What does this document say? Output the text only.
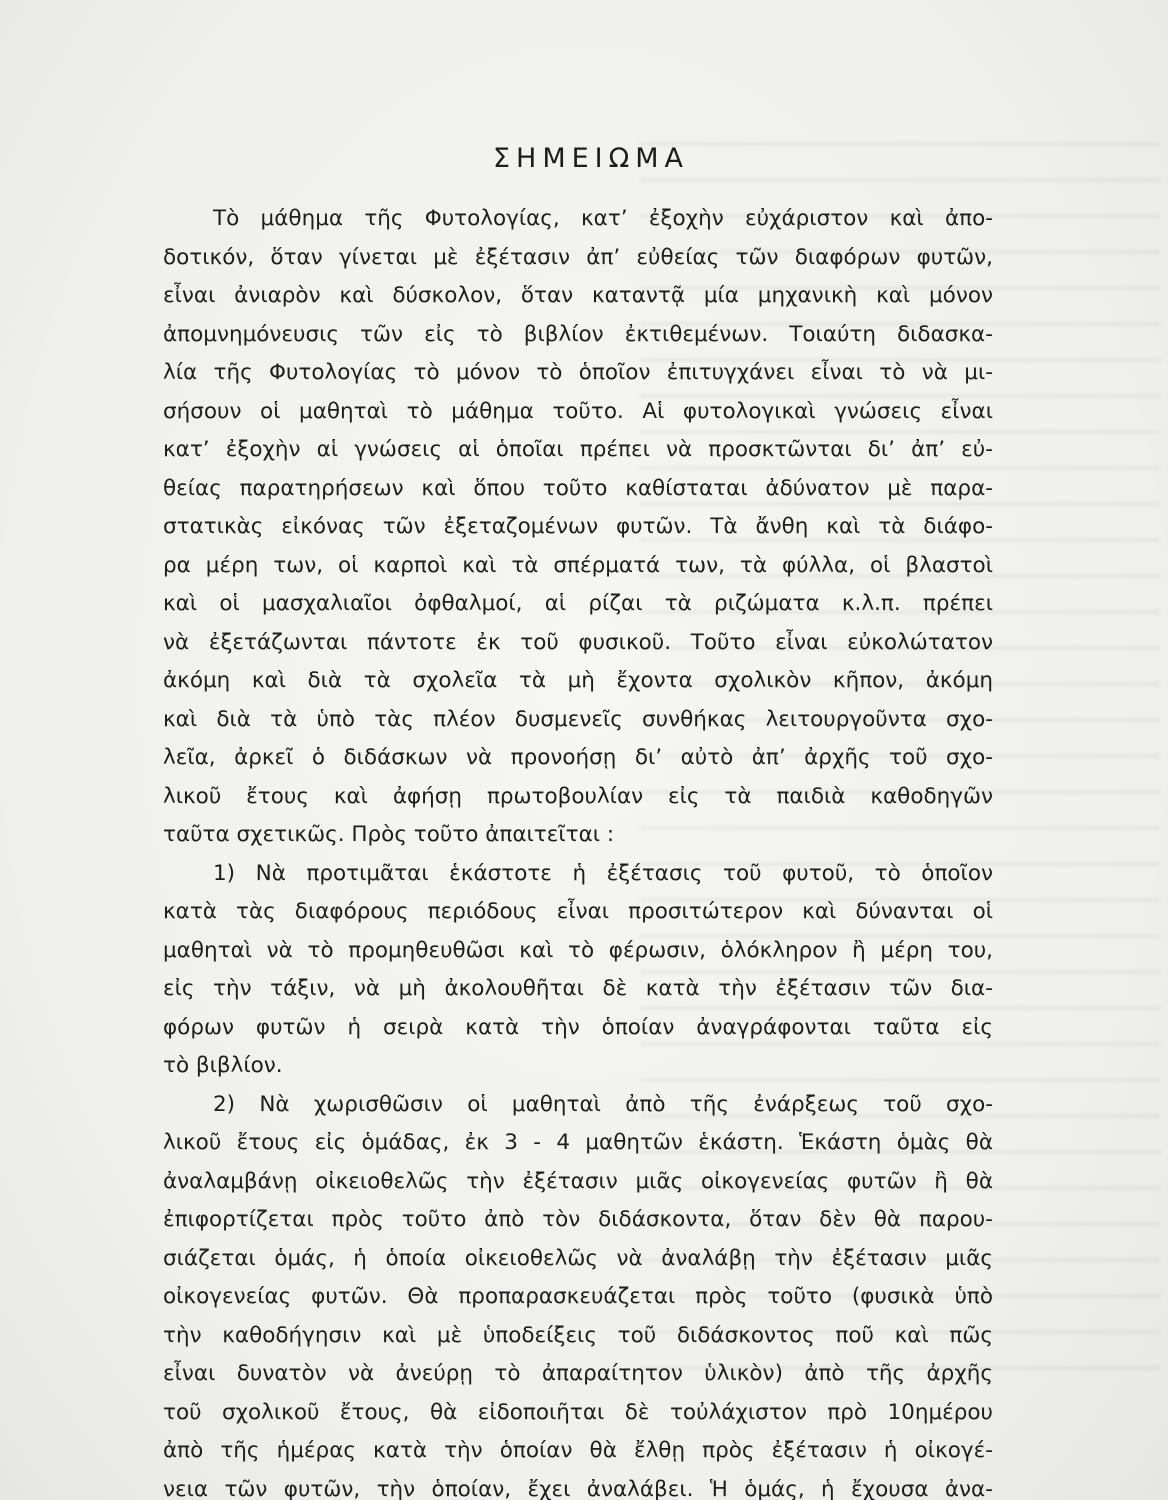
ΣΗΜΕΙΩΜΑ
Τὸ μάθημα τῆς Φυτολογίας, κατ’ ἐξοχὴν εὐχάριστον καὶ ἀπο-
δοτικόν, ὅταν γίνεται μὲ ἐξέτασιν ἀπ’ εὐθείας τῶν διαφόρων φυτῶν,
εἶναι ἀνιαρὸν καὶ δύσκολον, ὅταν καταντᾷ μία μηχανικὴ καὶ μόνον
ἀπομνημόνευσις τῶν εἰς τὸ βιβλίον ἐκτιθεμένων. Τοιαύτη διδασκα-
λία τῆς Φυτολογίας τὸ μόνον τὸ ὁποῖον ἐπιτυγχάνει εἶναι τὸ νὰ μι-
σήσουν οἱ μαθηταὶ τὸ μάθημα τοῦτο. Αἱ φυτολογικαὶ γνώσεις εἶναι
κατ’ ἐξοχὴν αἱ γνώσεις αἱ ὁποῖαι πρέπει νὰ προσκτῶνται δι’ ἀπ’ εὐ-
θείας παρατηρήσεων καὶ ὅπου τοῦτο καθίσταται ἀδύνατον μὲ παρα-
στατικὰς εἰκόνας τῶν ἐξεταζομένων φυτῶν. Τὰ ἄνθη καὶ τὰ διάφο-
ρα μέρη των, οἱ καρποὶ καὶ τὰ σπέρματά των, τὰ φύλλα, οἱ βλαστοὶ
καὶ οἱ μασχαλιαῖοι ὀφθαλμοί, αἱ ρίζαι τὰ ριζώματα κ.λ.π. πρέπει
νὰ ἐξετάζωνται πάντοτε ἐκ τοῦ φυσικοῦ. Τοῦτο εἶναι εὐκολώτατον
ἀκόμη καὶ διὰ τὰ σχολεῖα τὰ μὴ ἔχοντα σχολικὸν κῆπον, ἀκόμη
καὶ διὰ τὰ ὑπὸ τὰς πλέον δυσμενεῖς συνθήκας λειτουργοῦντα σχο-
λεῖα, ἀρκεῖ ὁ διδάσκων νὰ προνοήσῃ δι’ αὐτὸ ἀπ’ ἀρχῆς τοῦ σχο-
λικοῦ ἔτους καὶ ἀφήσῃ πρωτοβουλίαν εἰς τὰ παιδιὰ καθοδηγῶν
ταῦτα σχετικῶς. Πρὸς τοῦτο ἀπαιτεῖται :
1) Νὰ προτιμᾶται ἑκάστοτε ἡ ἐξέτασις τοῦ φυτοῦ, τὸ ὁποῖον
κατὰ τὰς διαφόρους περιόδους εἶναι προσιτώτερον καὶ δύνανται οἱ
μαθηταὶ νὰ τὸ προμηθευθῶσι καὶ τὸ φέρωσιν, ὁλόκληρον ἢ μέρη του,
εἰς τὴν τάξιν, νὰ μὴ ἀκολουθῆται δὲ κατὰ τὴν ἐξέτασιν τῶν δια-
φόρων φυτῶν ἡ σειρὰ κατὰ τὴν ὁποίαν ἀναγράφονται ταῦτα εἰς
τὸ βιβλίον.
2) Νὰ χωρισθῶσιν οἱ μαθηταὶ ἀπὸ τῆς ἐνάρξεως τοῦ σχο-
λικοῦ ἔτους εἰς ὁμάδας, ἐκ 3 - 4 μαθητῶν ἑκάστη. Ἑκάστη ὁμὰς θὰ
ἀναλαμβάνῃ οἰκειοθελῶς τὴν ἐξέτασιν μιᾶς οἰκογενείας φυτῶν ἢ θὰ
ἐπιφορτίζεται πρὸς τοῦτο ἀπὸ τὸν διδάσκοντα, ὅταν δὲν θὰ παρου-
σιάζεται ὁμάς, ἡ ὁποία οἰκειοθελῶς νὰ ἀναλάβῃ τὴν ἐξέτασιν μιᾶς
οἰκογενείας φυτῶν. Θὰ προπαρασκευάζεται πρὸς τοῦτο (φυσικὰ ὑπὸ
τὴν καθοδήγησιν καὶ μὲ ὑποδείξεις τοῦ διδάσκοντος ποῦ καὶ πῶς
εἶναι δυνατὸν νὰ ἀνεύρῃ τὸ ἀπαραίτητον ὑλικὸν) ἀπὸ τῆς ἀρχῆς
τοῦ σχολικοῦ ἔτους, θὰ εἰδοποιῆται δὲ τοὐλάχιστον πρὸ 10ημέρου
ἀπὸ τῆς ἡμέρας κατὰ τὴν ὁποίαν θὰ ἔλθῃ πρὸς ἐξέτασιν ἡ οἰκογέ-
νεια τῶν φυτῶν, τὴν ὁποίαν, ἔχει ἀναλάβει. Ἡ ὁμάς, ἡ ἔχουσα ἀνα-
